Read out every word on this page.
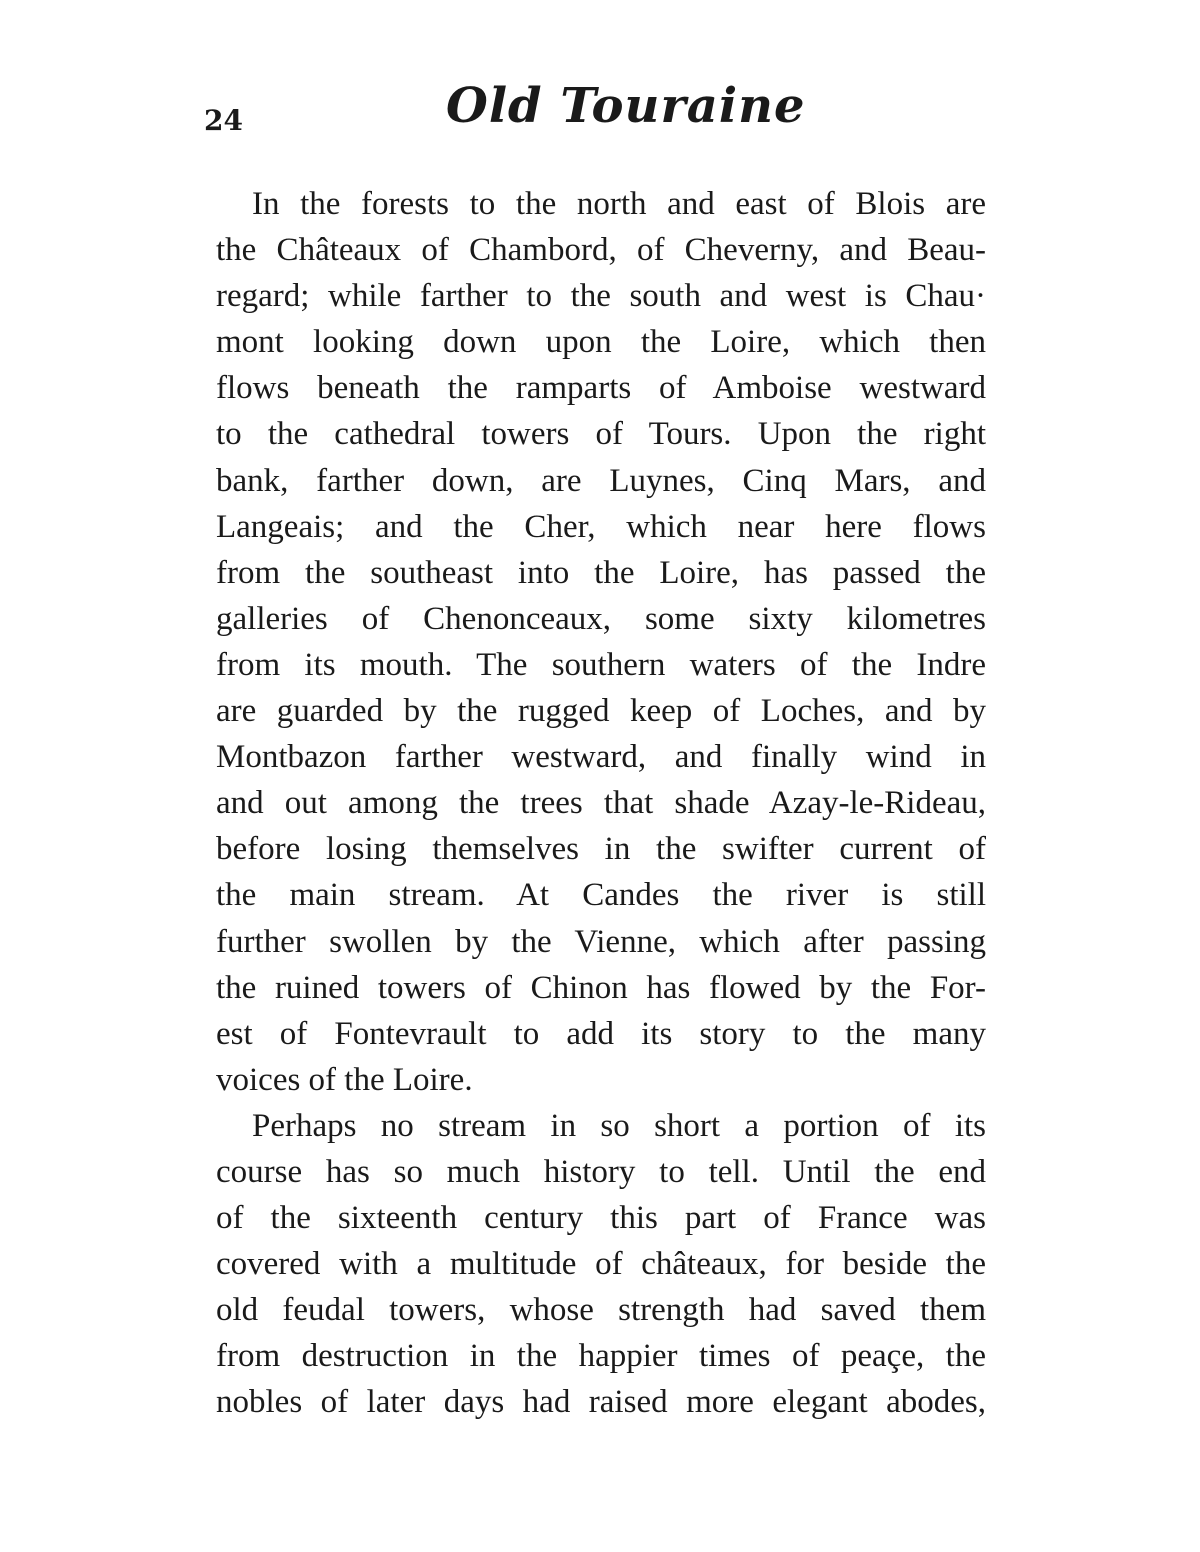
24	Old Touraine
In the forests to the north and east of Blois are
the Châteaux of Chambord, of Cheverny, and Beau-
regard; while farther to the south and west is Chau·
mont looking down upon the Loire, which then
flows beneath the ramparts of Amboise westward
to the cathedral towers of Tours. Upon the right
bank, farther down, are Luynes, Cinq Mars, and
Langeais; and the Cher, which near here flows
from the southeast into the Loire, has passed the
galleries of Chenonceaux, some sixty kilometres
from its mouth. The southern waters of the Indre
are guarded by the rugged keep of Loches, and by
Montbazon farther westward, and finally wind in
and out among the trees that shade Azay-le-Rideau,
before losing themselves in the swifter current of
the main stream. At Candes the river is still
further swollen by the Vienne, which after passing
the ruined towers of Chinon has flowed by the For-
est of Fontevrault to add its story to the many
voices of the Loire.
Perhaps no stream in so short a portion of its
course has so much history to tell. Until the end
of the sixteenth century this part of France was
covered with a multitude of châteaux, for beside the
old feudal towers, whose strength had saved them
from destruction in the happier times of peaçe, the
nobles of later days had raised more elegant abodes,
